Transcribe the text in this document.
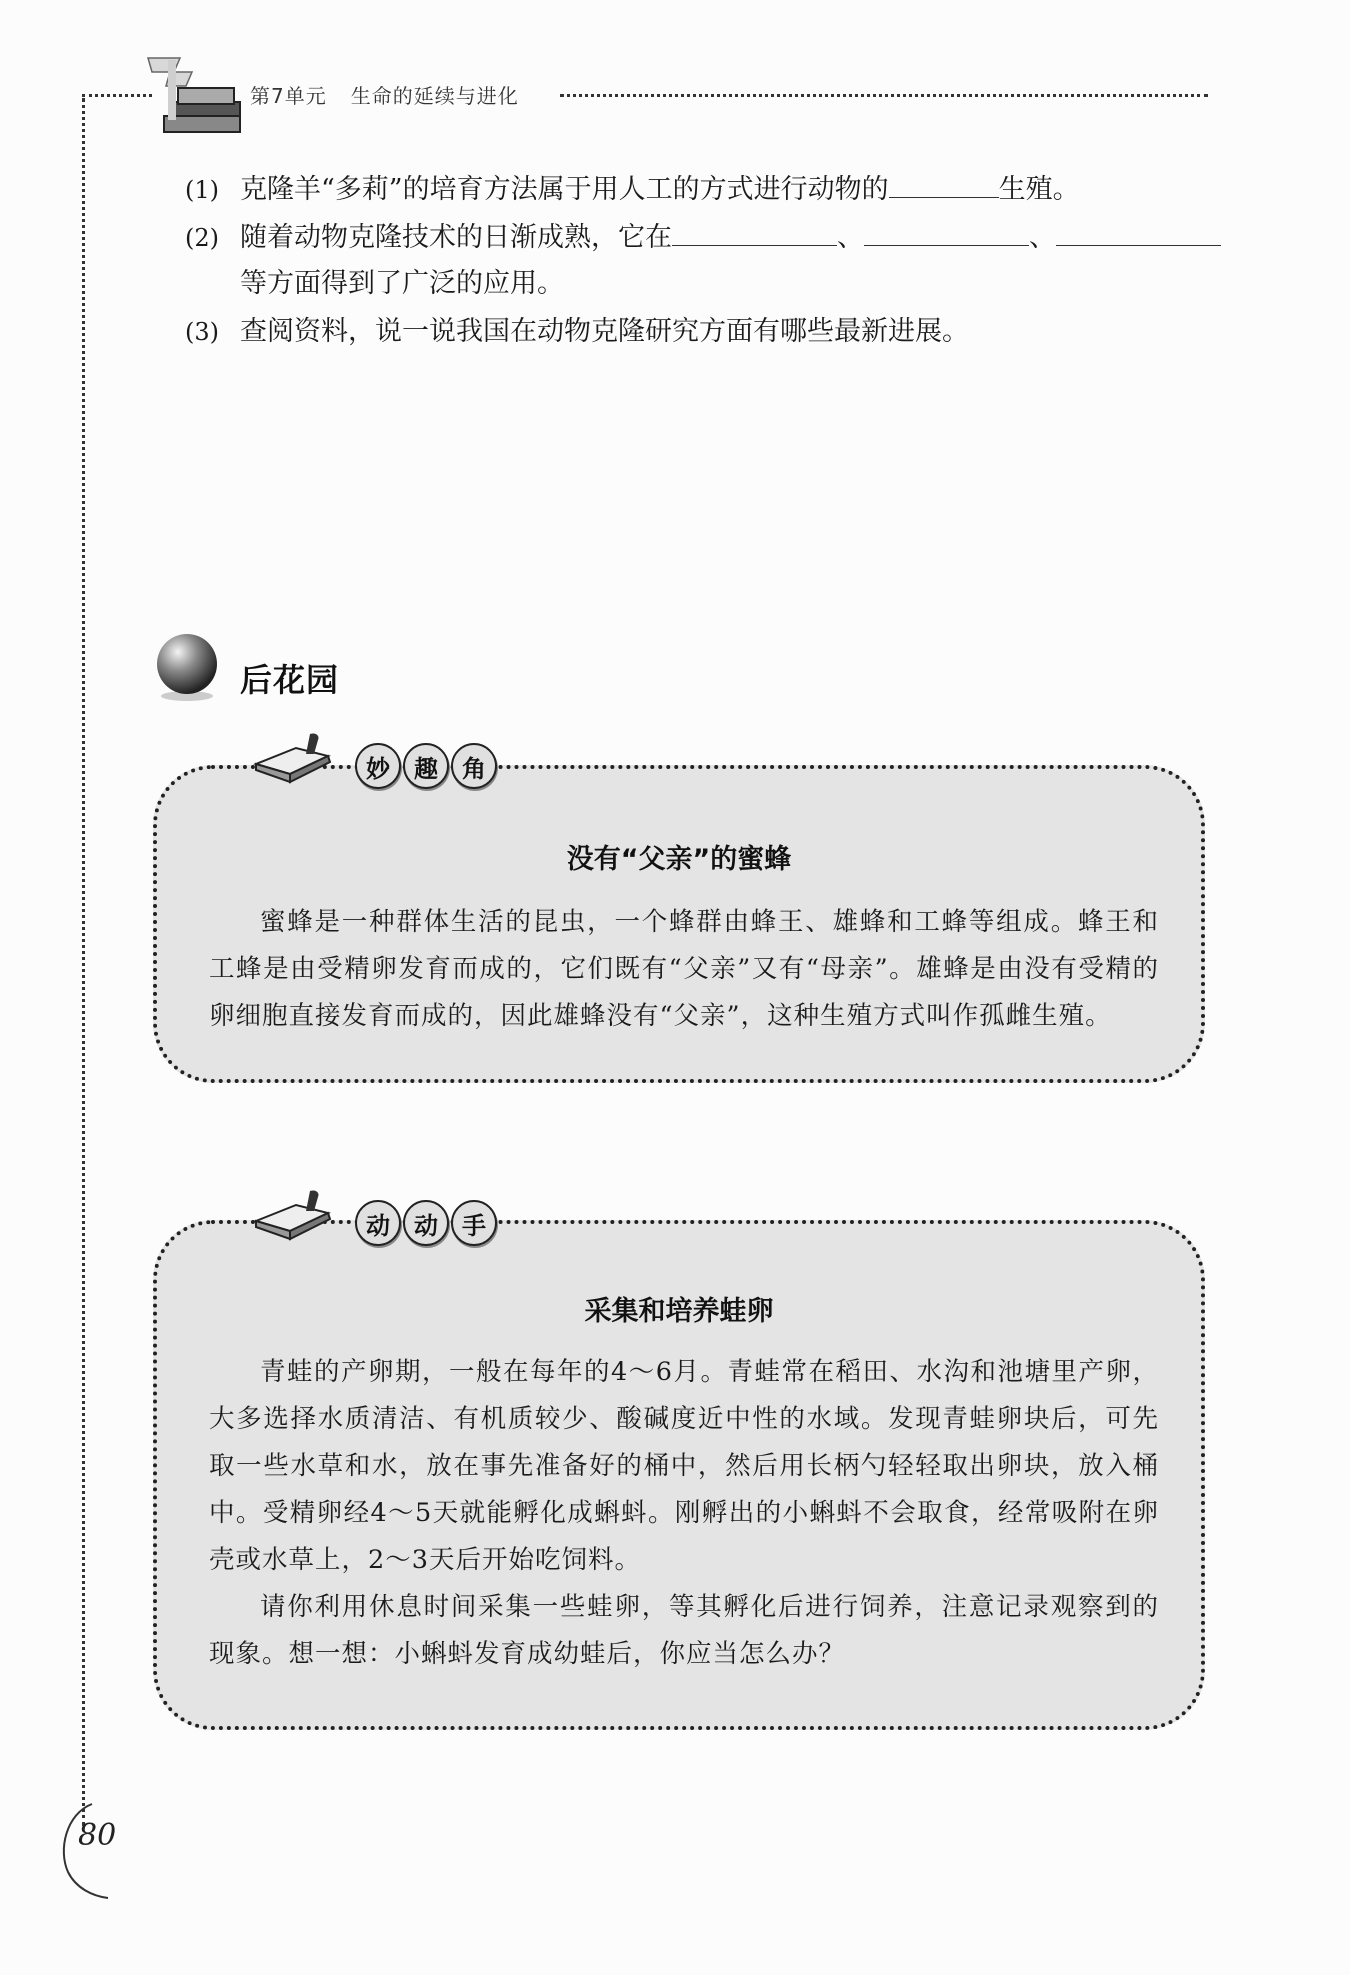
第7单元 生命的延续与进化
(1) 克隆羊“多莉”的培育方法属于用人工的方式进行动物的	生殖。
(2) 随着动物克隆技术的日渐成熟，它在	、	、
等方面得到了广泛的应用。
(3) 查阅资料，说一说我国在动物克隆研究方面有哪些最新进展。
后花园
没有“父亲”的蜜蜂
蜜蜂是一种群体生活的昆虫，一个蜂群由蜂王、雄蜂和工蜂等组成。蜂王和工蜂是由受精卵发育而成的，它们既有“父亲”又有“母亲”。雄蜂是由没有受精的卵细胞直接发育而成的，因此雄蜂没有“父亲”，这种生殖方式叫作孤雌生殖。
妙	趣	角
采集和培养蛙卵
青蛙的产卵期，一般在每年的4～6月。青蛙常在稻田、水沟和池塘里产卵，大多选择水质清洁、有机质较少、酸碱度近中性的水域。发现青蛙卵块后，可先取一些水草和水，放在事先准备好的桶中，然后用长柄勺轻轻取出卵块，放入桶中。受精卵经4～5天就能孵化成蝌蚪。刚孵出的小蝌蚪不会取食，经常吸附在卵壳或水草上，2～3天后开始吃饲料。
请你利用休息时间采集一些蛙卵，等其孵化后进行饲养，注意记录观察到的现象。想一想：小蝌蚪发育成幼蛙后，你应当怎么办？
动	动	手
80
